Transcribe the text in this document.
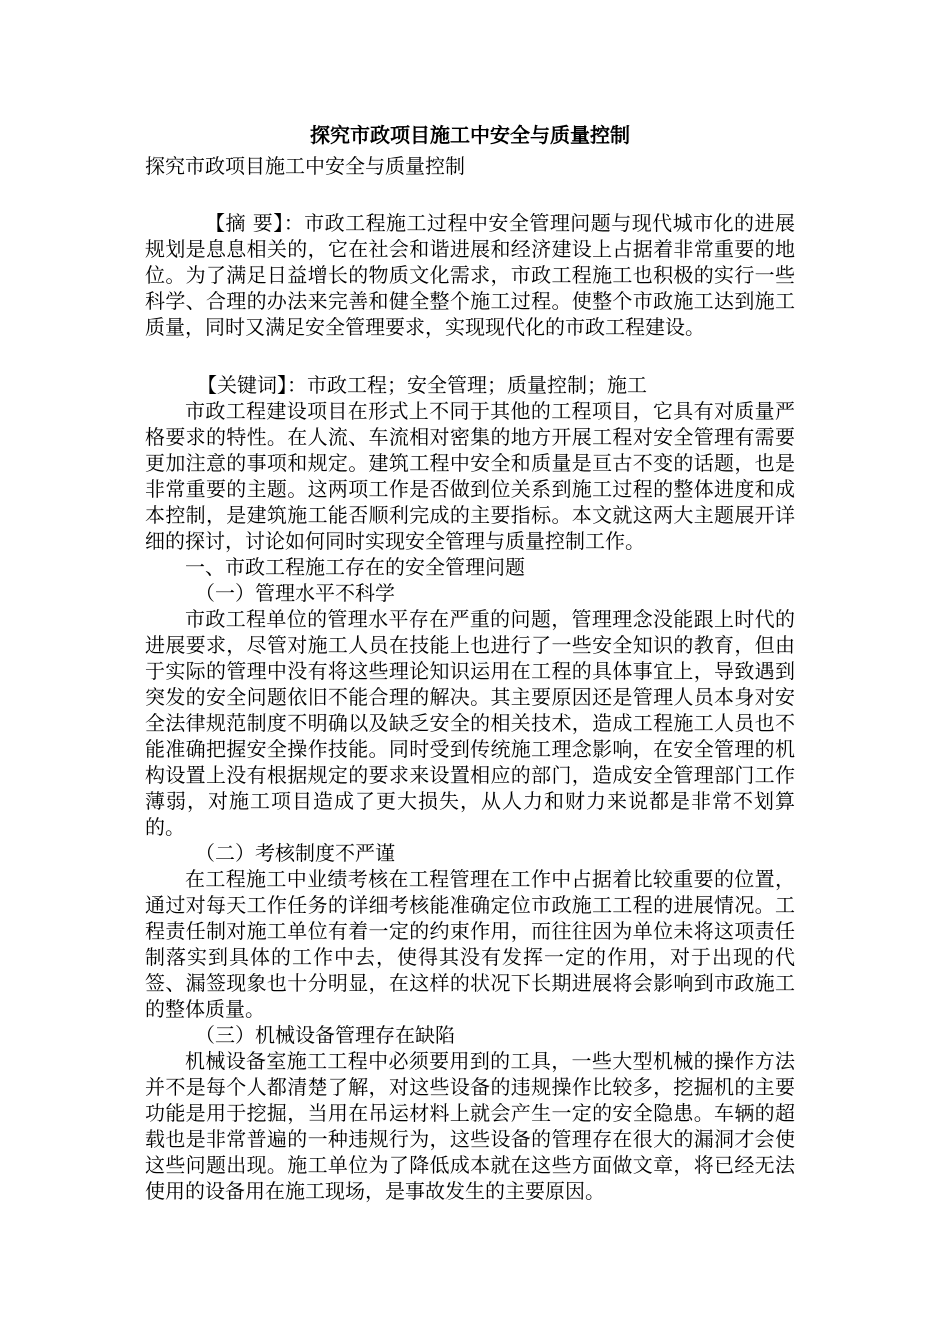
探究市政项目施工中安全与质量控制

探究市政项目施工中安全与质量控制

【摘 要】：市政工程施工过程中安全管理问题与现代城市化的进展规划是息息相关的，它在社会和谐进展和经济建设上占据着非常重要的地位。为了满足日益增长的物质文化需求，市政工程施工也积极的实行一些科学、合理的办法来完善和健全整个施工过程。使整个市政施工达到施工质量，同时又满足安全管理要求，实现现代化的市政工程建设。

【关键词】：市政工程；安全管理；质量控制；施工

市政工程建设项目在形式上不同于其他的工程项目，它具有对质量严格要求的特性。在人流、车流相对密集的地方开展工程对安全管理有需要更加注意的事项和规定。建筑工程中安全和质量是亘古不变的话题，也是非常重要的主题。这两项工作是否做到位关系到施工过程的整体进度和成本控制，是建筑施工能否顺利完成的主要指标。本文就这两大主题展开详细的探讨，讨论如何同时实现安全管理与质量控制工作。

一、市政工程施工存在的安全管理问题

（一）管理水平不科学

市政工程单位的管理水平存在严重的问题，管理理念没能跟上时代的进展要求，尽管对施工人员在技能上也进行了一些安全知识的教育，但由于实际的管理中没有将这些理论知识运用在工程的具体事宜上，导致遇到突发的安全问题依旧不能合理的解决。其主要原因还是管理人员本身对安全法律规范制度不明确以及缺乏安全的相关技术，造成工程施工人员也不能准确把握安全操作技能。同时受到传统施工理念影响，在安全管理的机构设置上没有根据规定的要求来设置相应的部门，造成安全管理部门工作薄弱，对施工项目造成了更大损失，从人力和财力来说都是非常不划算的。

（二）考核制度不严谨

在工程施工中业绩考核在工程管理在工作中占据着比较重要的位置，通过对每天工作任务的详细考核能准确定位市政施工工程的进展情况。工程责任制对施工单位有着一定的约束作用，而往往因为单位未将这项责任制落实到具体的工作中去，使得其没有发挥一定的作用，对于出现的代签、漏签现象也十分明显，在这样的状况下长期进展将会影响到市政施工的整体质量。

（三）机械设备管理存在缺陷

机械设备室施工工程中必须要用到的工具，一些大型机械的操作方法并不是每个人都清楚了解，对这些设备的违规操作比较多，挖掘机的主要功能是用于挖掘，当用在吊运材料上就会产生一定的安全隐患。车辆的超载也是非常普遍的一种违规行为，这些设备的管理存在很大的漏洞才会使这些问题出现。施工单位为了降低成本就在这些方面做文章，将已经无法使用的设备用在施工现场，是事故发生的主要原因。
